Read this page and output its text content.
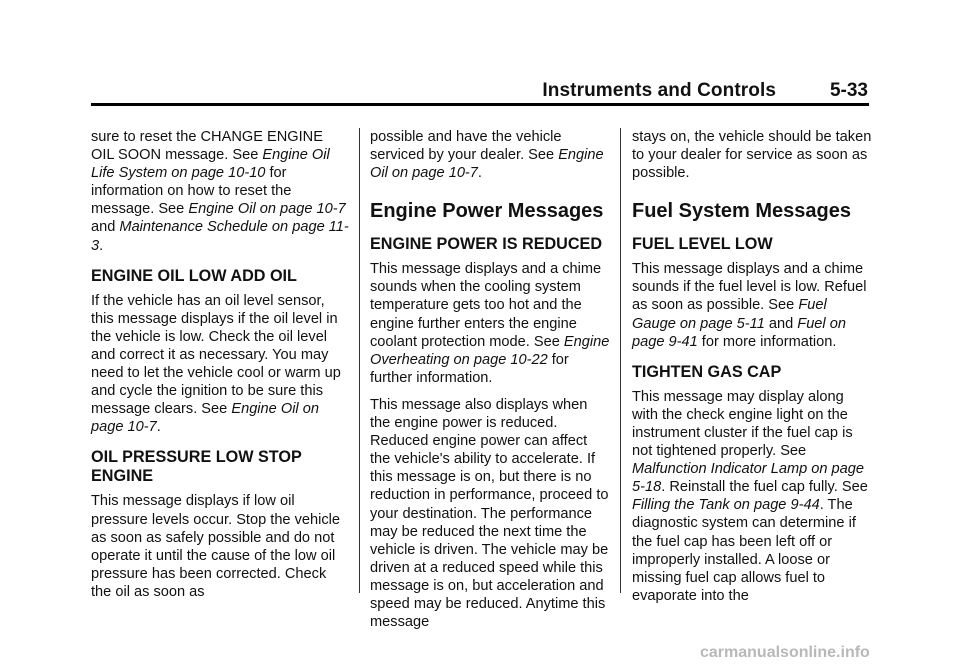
Instruments and Controls	5-33

sure to reset the CHANGE ENGINE OIL SOON message. See Engine Oil Life System on page 10-10 for information on how to reset the message. See Engine Oil on page 10-7 and Maintenance Schedule on page 11-3.

ENGINE OIL LOW ADD OIL

If the vehicle has an oil level sensor, this message displays if the oil level in the vehicle is low. Check the oil level and correct it as necessary. You may need to let the vehicle cool or warm up and cycle the ignition to be sure this message clears. See Engine Oil on page 10-7.

OIL PRESSURE LOW STOP ENGINE

This message displays if low oil pressure levels occur. Stop the vehicle as soon as safely possible and do not operate it until the cause of the low oil pressure has been corrected. Check the oil as soon as

possible and have the vehicle serviced by your dealer. See Engine Oil on page 10-7.

Engine Power Messages
ENGINE POWER IS REDUCED

This message displays and a chime sounds when the cooling system temperature gets too hot and the engine further enters the engine coolant protection mode. See Engine Overheating on page 10-22 for further information.

This message also displays when the engine power is reduced. Reduced engine power can affect the vehicle's ability to accelerate. If this message is on, but there is no reduction in performance, proceed to your destination. The performance may be reduced the next time the vehicle is driven. The vehicle may be driven at a reduced speed while this message is on, but acceleration and speed may be reduced. Anytime this message

stays on, the vehicle should be taken to your dealer for service as soon as possible.

Fuel System Messages
FUEL LEVEL LOW

This message displays and a chime sounds if the fuel level is low. Refuel as soon as possible. See Fuel Gauge on page 5-11 and Fuel on page 9-41 for more information.

TIGHTEN GAS CAP

This message may display along with the check engine light on the instrument cluster if the fuel cap is not tightened properly. See Malfunction Indicator Lamp on page 5-18. Reinstall the fuel cap fully. See Filling the Tank on page 9-44. The diagnostic system can determine if the fuel cap has been left off or improperly installed. A loose or missing fuel cap allows fuel to evaporate into the

carmanualsonline.info
